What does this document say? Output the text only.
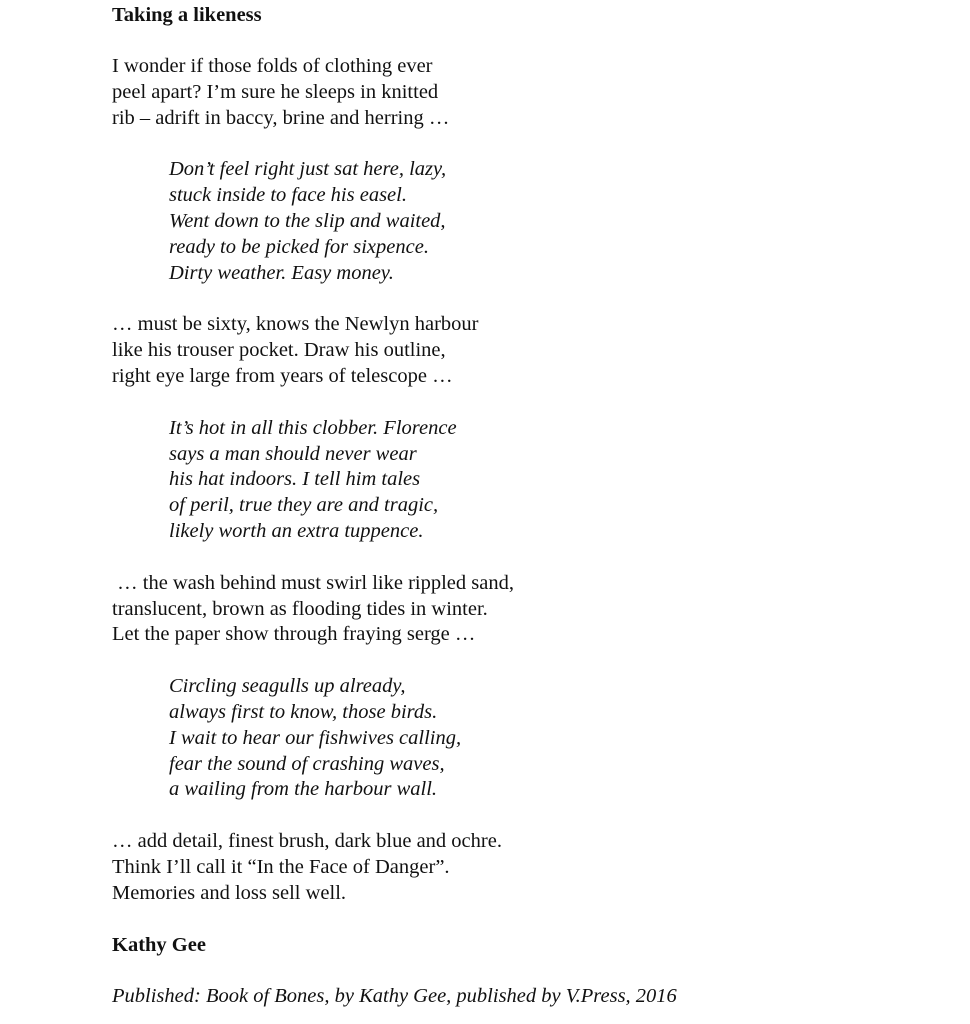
Taking a likeness
I wonder if those folds of clothing ever
peel apart? I’m sure he sleeps in knitted
rib – adrift in baccy, brine and herring …
Don’t feel right just sat here, lazy,
stuck inside to face his easel.
Went down to the slip and waited,
ready to be picked for sixpence.
Dirty weather. Easy money.
… must be sixty, knows the Newlyn harbour
like his trouser pocket. Draw his outline,
right eye large from years of telescope …
It’s hot in all this clobber. Florence
says a man should never wear
his hat indoors. I tell him tales
of peril, true they are and tragic,
likely worth an extra tuppence.
… the wash behind must swirl like rippled sand,
translucent, brown as flooding tides in winter.
Let the paper show through fraying serge …
Circling seagulls up already,
always first to know, those birds.
I wait to hear our fishwives calling,
fear the sound of crashing waves,
a wailing from the harbour wall.
… add detail, finest brush, dark blue and ochre.
Think I’ll call it “In the Face of Danger”.
Memories and loss sell well.
Kathy Gee
Published: Book of Bones, by Kathy Gee, published by V.Press, 2016
